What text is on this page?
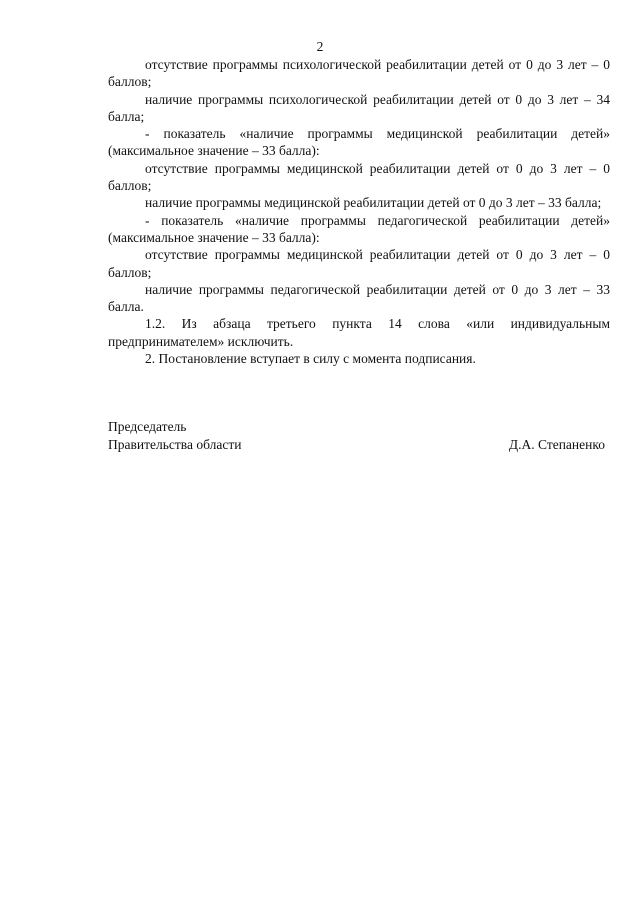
2

отсутствие программы психологической реабилитации детей от 0 до 3 лет – 0 баллов;

наличие программы психологической реабилитации детей от 0 до 3 лет – 34 балла;

- показатель «наличие программы медицинской реабилитации детей» (максимальное значение – 33 балла):

отсутствие программы медицинской реабилитации детей от 0 до 3 лет – 0 баллов;

наличие программы медицинской реабилитации детей от 0 до 3 лет – 33 балла;

- показатель «наличие программы педагогической реабилитации детей» (максимальное значение – 33 балла):

отсутствие программы медицинской реабилитации детей от 0 до 3 лет – 0 баллов;

наличие программы педагогической реабилитации детей от 0 до 3 лет – 33 балла.

1.2. Из абзаца третьего пункта 14 слова «или индивидуальным предпринимателем» исключить.

2. Постановление вступает в силу с момента подписания.

Председатель
Правительства области	Д.А. Степаненко
